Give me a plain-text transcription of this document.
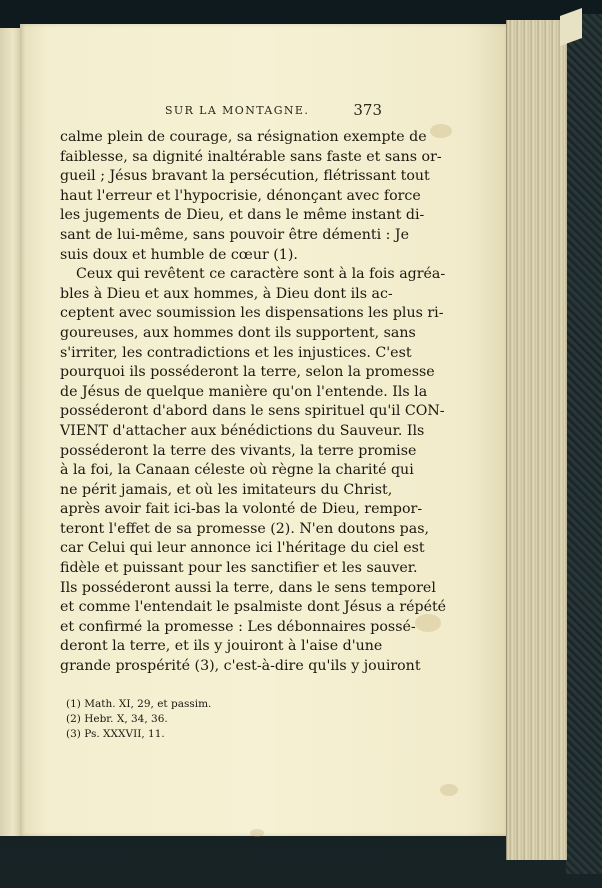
SUR LA MONTAGNE.	373
calme plein de courage, sa résignation exempte de
faiblesse, sa dignité inaltérable sans faste et sans or-
gueil ; Jésus bravant la persécution, flétrissant tout
haut l'erreur et l'hypocrisie, dénonçant avec force
les jugements de Dieu, et dans le même instant di-
sant de lui-même, sans pouvoir être démenti : Je
suis doux et humble de cœur (1).
Ceux qui revêtent ce caractère sont à la fois agréa-
bles à Dieu et aux hommes, à Dieu dont ils ac-
ceptent avec soumission les dispensations les plus ri-
goureuses, aux hommes dont ils supportent, sans
s'irriter, les contradictions et les injustices. C'est
pourquoi ils posséderont la terre, selon la promesse
de Jésus de quelque manière qu'on l'entende. Ils la
posséderont d'abord dans le sens spirituel qu'il CON-
VIENT d'attacher aux bénédictions du Sauveur. Ils
posséderont la terre des vivants, la terre promise
à la foi, la Canaan céleste où règne la charité qui
ne périt jamais, et où les imitateurs du Christ,
après avoir fait ici-bas la volonté de Dieu, rempor-
teront l'effet de sa promesse (2). N'en doutons pas,
car Celui qui leur annonce ici l'héritage du ciel est
fidèle et puissant pour les sanctifier et les sauver.
Ils posséderont aussi la terre, dans le sens temporel
et comme l'entendait le psalmiste dont Jésus a répété
et confirmé la promesse : Les débonnaires possé-
deront la terre, et ils y jouiront à l'aise d'une
grande prospérité (3), c'est-à-dire qu'ils y jouiront
(1) Math. XI, 29, et passim.
(2) Hebr. X, 34, 36.
(3) Ps. XXXVII, 11.
